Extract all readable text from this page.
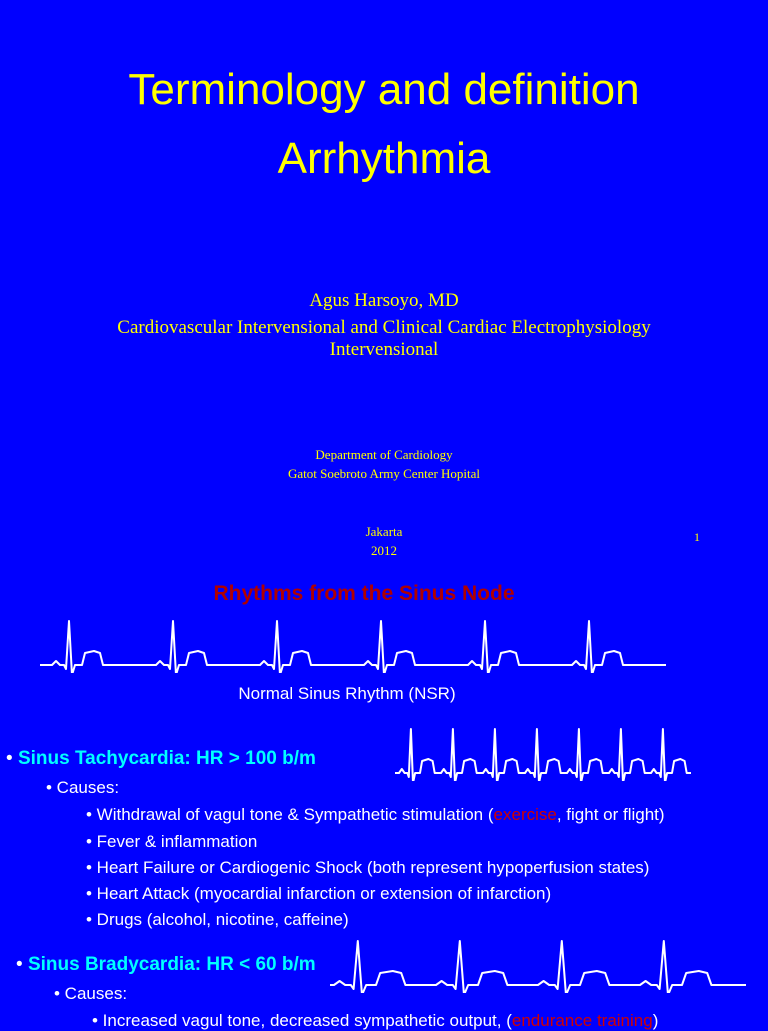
Terminology and definition
Arrhythmia
Agus Harsoyo, MD
Cardiovascular Intervensional and Clinical Cardiac Electrophysiology
Intervensional
Department of Cardiology
Gatot Soebroto Army Center Hopital
Jakarta
2012
1
Rhythms from the Sinus Node
Normal Sinus Rhythm (NSR)
• Sinus Tachycardia: HR > 100 b/m
• Causes:
• Withdrawal of vagul tone & Sympathetic stimulation (exercise, fight or flight)
• Fever & inflammation
• Heart Failure or Cardiogenic Shock (both represent hypoperfusion states)
• Heart Attack (myocardial infarction or extension of infarction)
• Drugs (alcohol, nicotine, caffeine)
• Sinus Bradycardia: HR < 60 b/m
• Causes:
• Increased vagul tone, decreased sympathetic output, (endurance training)
